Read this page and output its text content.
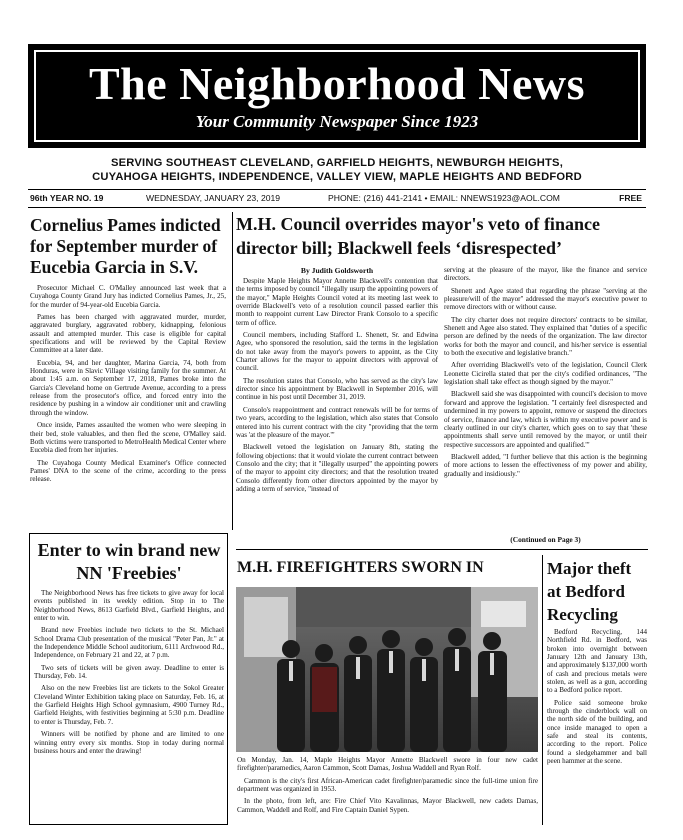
The Neighborhood News
Your Community Newspaper Since 1923
SERVING SOUTHEAST CLEVELAND, GARFIELD HEIGHTS, NEWBURGH HEIGHTS,
CUYAHOGA HEIGHTS, INDEPENDENCE, VALLEY VIEW, MAPLE HEIGHTS AND BEDFORD
96th YEAR NO. 19	WEDNESDAY, JANUARY 23, 2019	PHONE: (216) 441-2141 • EMAIL: NNEWS1923@AOL.COM	FREE
Cornelius Pames indicted for September murder of Eucebia Garcia in S.V.

Prosecutor Michael C. O'Malley announced last week that a Cuyahoga County Grand Jury has indicted Cornelius Pames, Jr., 25, for the murder of 94-year-old Eucebia Garcia.

Pames has been charged with aggravated murder, murder, aggravated burglary, aggravated robbery, kidnapping, felonious assault and attempted murder. This case is eligible for capital specifications and will be reviewed by the Capital Review Committee at a later date.

Eucebia, 94, and her daughter, Marina Garcia, 74, both from Honduras, were in Slavic Village visiting family for the summer. At about 1:45 a.m. on September 17, 2018, Pames broke into the Garcia's Cleveland home on Gertrude Avenue, according to a press release from the prosecutor's office, and forced entry into the residence by pushing in a window air conditioner unit and crawling through the window.

Once inside, Pames assaulted the women who were sleeping in their bed, stole valuables, and then fled the scene, O'Malley said. Both victims were transported to MetroHealth Medical Center where Eucebia died from her injuries.

The Cuyahoga County Medical Examiner's Office connected Pames' DNA to the scene of the crime, according to the press release.

Enter to win brand new NN 'Freebies'

The Neighborhood News has free tickets to give away for local events published in its weekly edition. Stop in to The Neighborhood News, 8613 Garfield Blvd., Garfield Heights, and enter to win.

Brand new Freebies include two tickets to the St. Michael School Drama Club presentation of the musical "Peter Pan, Jr." at the Independence Middle School auditorium, 6111 Archwood Rd., Independence, on February 21 and 22, at 7 p.m.

Two sets of tickets will be given away. Deadline to enter is Thursday, Feb. 14.

Also on the new Freebies list are tickets to the Sokol Greater Cleveland Winter Exhibition taking place on Saturday, Feb. 16, at the Garfield Heights High School gymnasium, 4900 Turney Rd., Garfield Heights, with festivities beginning at 5:30 p.m. Deadline to enter is Thursday, Feb. 7.

Winners will be notified by phone and are limited to one winning entry every six months. Stop in today during normal business hours and enter the drawing!

M.H. Council overrides mayor's veto of finance director bill; Blackwell feels ‘disrespected’
By Judith Goldsworth

Despite Maple Heights Mayor Annette Blackwell's contention that the terms imposed by council "illegally usurp the appointing powers of the mayor," Maple Heights Council voted at its meeting last week to override Blackwell's veto of a resolution council passed earlier this month to reappoint current Law Director Frank Consolo to a specific term of office.

Council members, including Stafford L. Shenett, Sr. and Edwina Agee, who sponsored the resolution, said the terms in the legislation do not take away from the mayor's powers to appoint, as the City Charter allows for the mayor to appoint directors with approval of council.

The resolution states that Consolo, who has served as the city's law director since his appointment by Blackwell in September 2016, will continue in his post until December 31, 2019.

Consolo's reappointment and contract renewals will be for terms of two years, according to the legislation, which also states that Consolo entered into his current contract with the city "providing that the term was 'at the pleasure of the mayor.'"

Blackwell vetoed the legislation on January 8th, stating the following objections: that it would violate the current contract between Consolo and the city; that it "illegally usurped" the appointing powers of the mayor to appoint city directors; and that the resolution treated Consolo differently from other directors appointed by the mayor by adding a term of service, "instead of

serving at the pleasure of the mayor, like the finance and service directors.

Shenett and Agee stated that regarding the phrase "serving at the pleasure/will of the mayor" addressed the mayor's executive power to remove directors with or without cause.

The city charter does not require directors' contracts to be similar, Shenett and Agee also stated. They explained that "duties of a specific person are defined by the needs of the organization. The law director works for both the mayor and council, and his/her service is essential to both the executive and legislative branch."

After overriding Blackwell's veto of the legislation, Council Clerk Leonette Cicirella stated that per the city's codified ordinances, "The legislation shall take effect as though signed by the mayor."

Blackwell said she was disappointed with council's decision to move forward and approve the legislation. "I certainly feel disrespected and undermined in my powers to appoint, remove or suspend the directors of service, finance and law, which is within my executive power and is clearly outlined in our city's charter, which goes on to say that 'these appointments shall serve until removed by the mayor, or until their respective successors are appointed and qualified.'"

Blackwell added, "I further believe that this action is the beginning of more actions to lessen the effectiveness of my power and ability, gradually and insidiously."

(Continued on Page 3)
M.H. FIREFIGHTERS SWORN IN

On Monday, Jan. 14, Maple Heights Mayor Annette Blackwell swore in four new cadet firefighter/paramedics, Aaron Cammon, Scott Damas, Joshua Waddell and Ryan Rolf.

Cammon is the city's first African-American cadet firefighter/paramedic since the full-time union fire department was organized in 1953.

In the photo, from left, are: Fire Chief Vito Kavalinnas, Mayor Blackwell, new cadets Damas, Cammon, Waddell and Rolf, and Fire Captain Daniel Sypen.

Major theft at Bedford Recycling

Bedford Recycling, 144 Northfield Rd. in Bedford, was broken into overnight between January 12th and January 13th, and approximately $137,000 worth of cash and precious metals were stolen, as well as a gun, according to a Bedford police report.

Police said someone broke through the cinderblock wall on the north side of the building, and once inside managed to open a safe and steal its contents, according to the report. Police found a sledgehammer and ball peen hammer at the scene.
